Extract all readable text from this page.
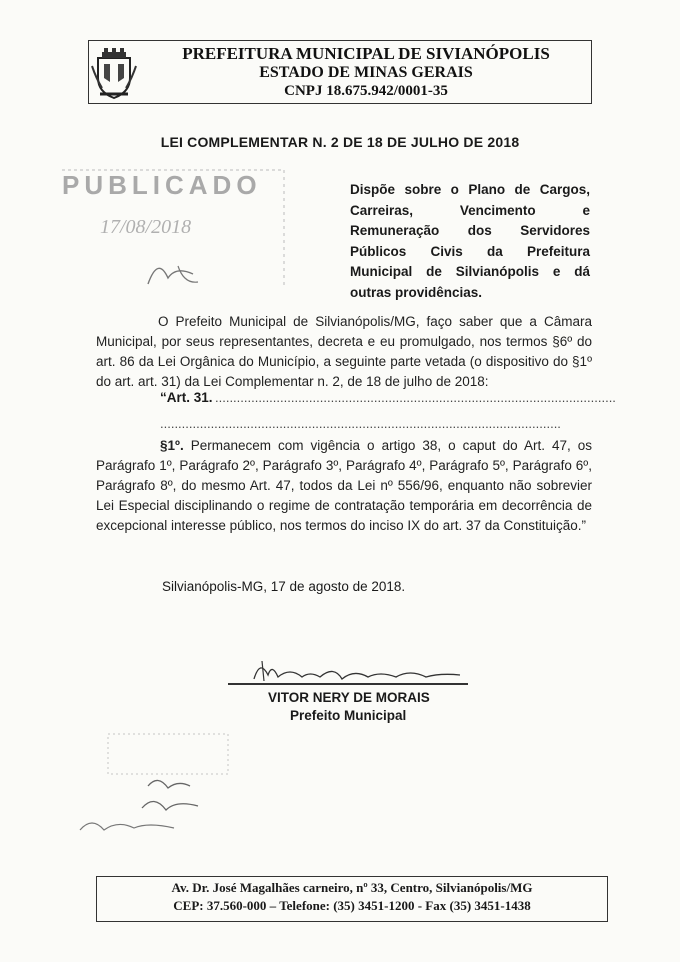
PREFEITURA MUNICIPAL DE SIVIANÓPOLIS
ESTADO DE MINAS GERAIS
CNPJ 18.675.942/0001-35
LEI COMPLEMENTAR N. 2 DE 18 DE JULHO DE 2018
PUBLICADO
17/08/2018
Dispõe sobre o Plano de Cargos, Carreiras, Vencimento e Remuneração dos Servidores Públicos Civis da Prefeitura Municipal de Silvianópolis e dá outras providências.
O Prefeito Municipal de Silvianópolis/MG, faço saber que a Câmara Municipal, por seus representantes, decreta e eu promulgado, nos termos §6º do art. 86 da Lei Orgânica do Município, a seguinte parte vetada (o dispositivo do §1º do art. art. 31) da Lei Complementar n. 2, de 18 de julho de 2018:
“Art. 31. ...............................................................................................................
...............................................................................................................
§1º. Permanecem com vigência o artigo 38, o caput do Art. 47, os Parágrafo 1º, Parágrafo 2º, Parágrafo 3º, Parágrafo 4º, Parágrafo 5º, Parágrafo 6º, Parágrafo 8º, do mesmo Art. 47, todos da Lei nº 556/96, enquanto não sobrevier Lei Especial disciplinando o regime de contratação temporária em decorrência de excepcional interesse público, nos termos do inciso IX do art. 37 da Constituição.”
Silvianópolis-MG, 17 de agosto de 2018.
VITOR NERY DE MORAIS
Prefeito Municipal
Av. Dr. José Magalhães carneiro, nº 33, Centro, Silvianópolis/MG
CEP: 37.560-000 – Telefone: (35) 3451-1200 - Fax (35) 3451-1438
